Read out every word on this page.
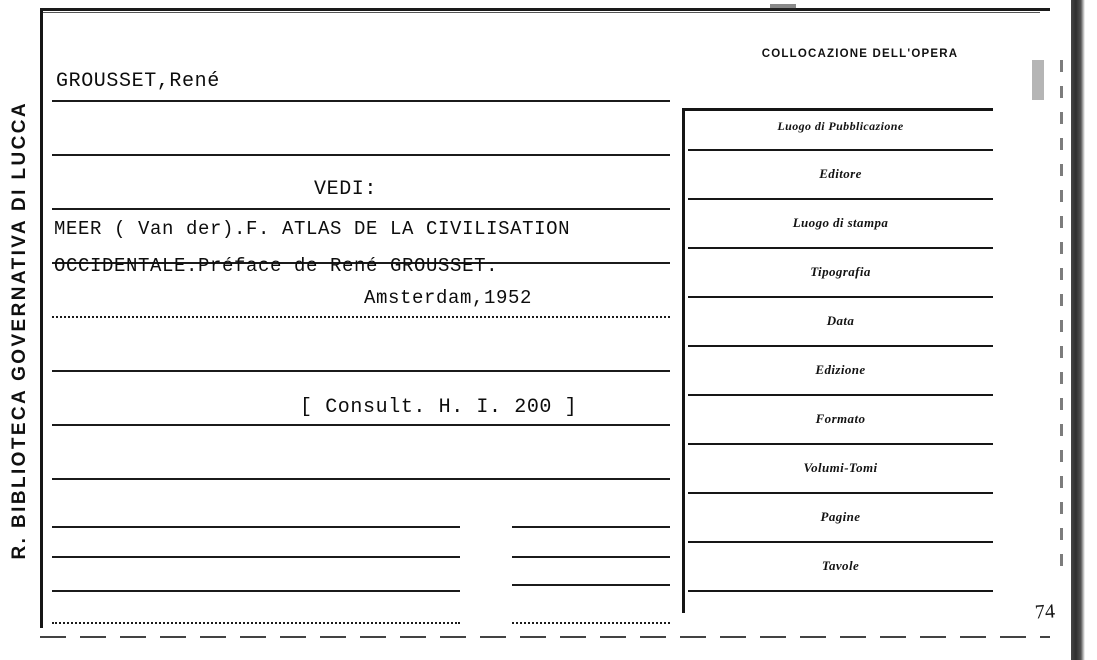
R. BIBLIOTECA GOVERNATIVA DI LUCCA
GROUSSET,René
VEDI:
MEER ( Van der).F. ATLAS DE LA CIVILISATION
OCCIDENTALE.Préface de René GROUSSET.
Amsterdam,1952
[ Consult. H. I. 200 ]
COLLOCAZIONE DELL'OPERA
Luogo di Pubblicazione
Editore
Luogo di stampa
Tipografia
Data
Edizione
Formato
Volumi-Tomi
Pagine
Tavole
74
